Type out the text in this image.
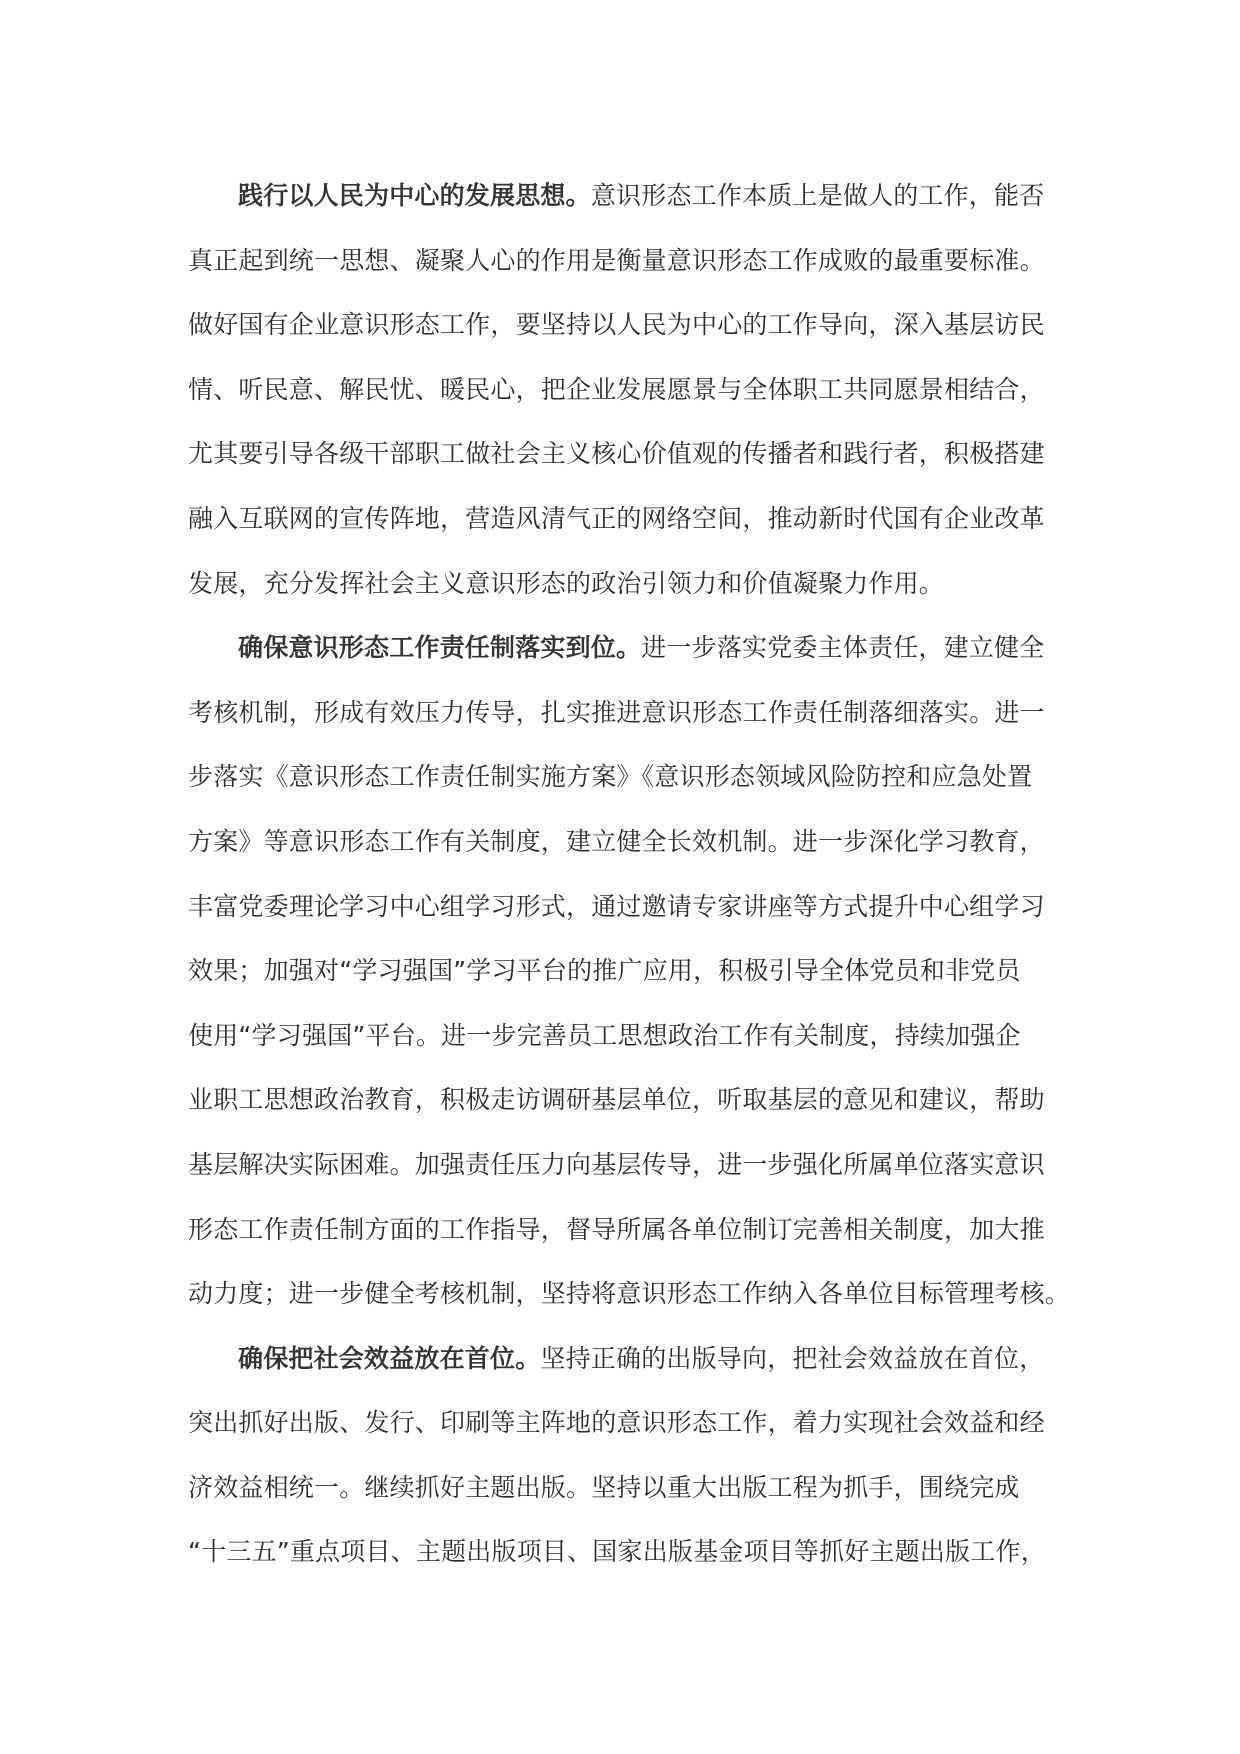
践行以人民为中心的发展思想。意识形态工作本质上是做人的工作，能否
真正起到统一思想、凝聚人心的作用是衡量意识形态工作成败的最重要标准。
做好国有企业意识形态工作，要坚持以人民为中心的工作导向，深入基层访民
情、听民意、解民忧、暖民心，把企业发展愿景与全体职工共同愿景相结合，
尤其要引导各级干部职工做社会主义核心价值观的传播者和践行者，积极搭建
融入互联网的宣传阵地，营造风清气正的网络空间，推动新时代国有企业改革
发展，充分发挥社会主义意识形态的政治引领力和价值凝聚力作用。
确保意识形态工作责任制落实到位。进一步落实党委主体责任，建立健全
考核机制，形成有效压力传导，扎实推进意识形态工作责任制落细落实。进一
步落实《意识形态工作责任制实施方案》《意识形态领域风险防控和应急处置
方案》等意识形态工作有关制度，建立健全长效机制。进一步深化学习教育，
丰富党委理论学习中心组学习形式，通过邀请专家讲座等方式提升中心组学习
效果；加强对“学习强国”学习平台的推广应用，积极引导全体党员和非党员
使用“学习强国”平台。进一步完善员工思想政治工作有关制度，持续加强企
业职工思想政治教育，积极走访调研基层单位，听取基层的意见和建议，帮助
基层解决实际困难。加强责任压力向基层传导，进一步强化所属单位落实意识
形态工作责任制方面的工作指导，督导所属各单位制订完善相关制度，加大推
动力度；进一步健全考核机制，坚持将意识形态工作纳入各单位目标管理考核。
确保把社会效益放在首位。坚持正确的出版导向，把社会效益放在首位，
突出抓好出版、发行、印刷等主阵地的意识形态工作，着力实现社会效益和经
济效益相统一。继续抓好主题出版。坚持以重大出版工程为抓手，围绕完成
“十三五”重点项目、主题出版项目、国家出版基金项目等抓好主题出版工作，
